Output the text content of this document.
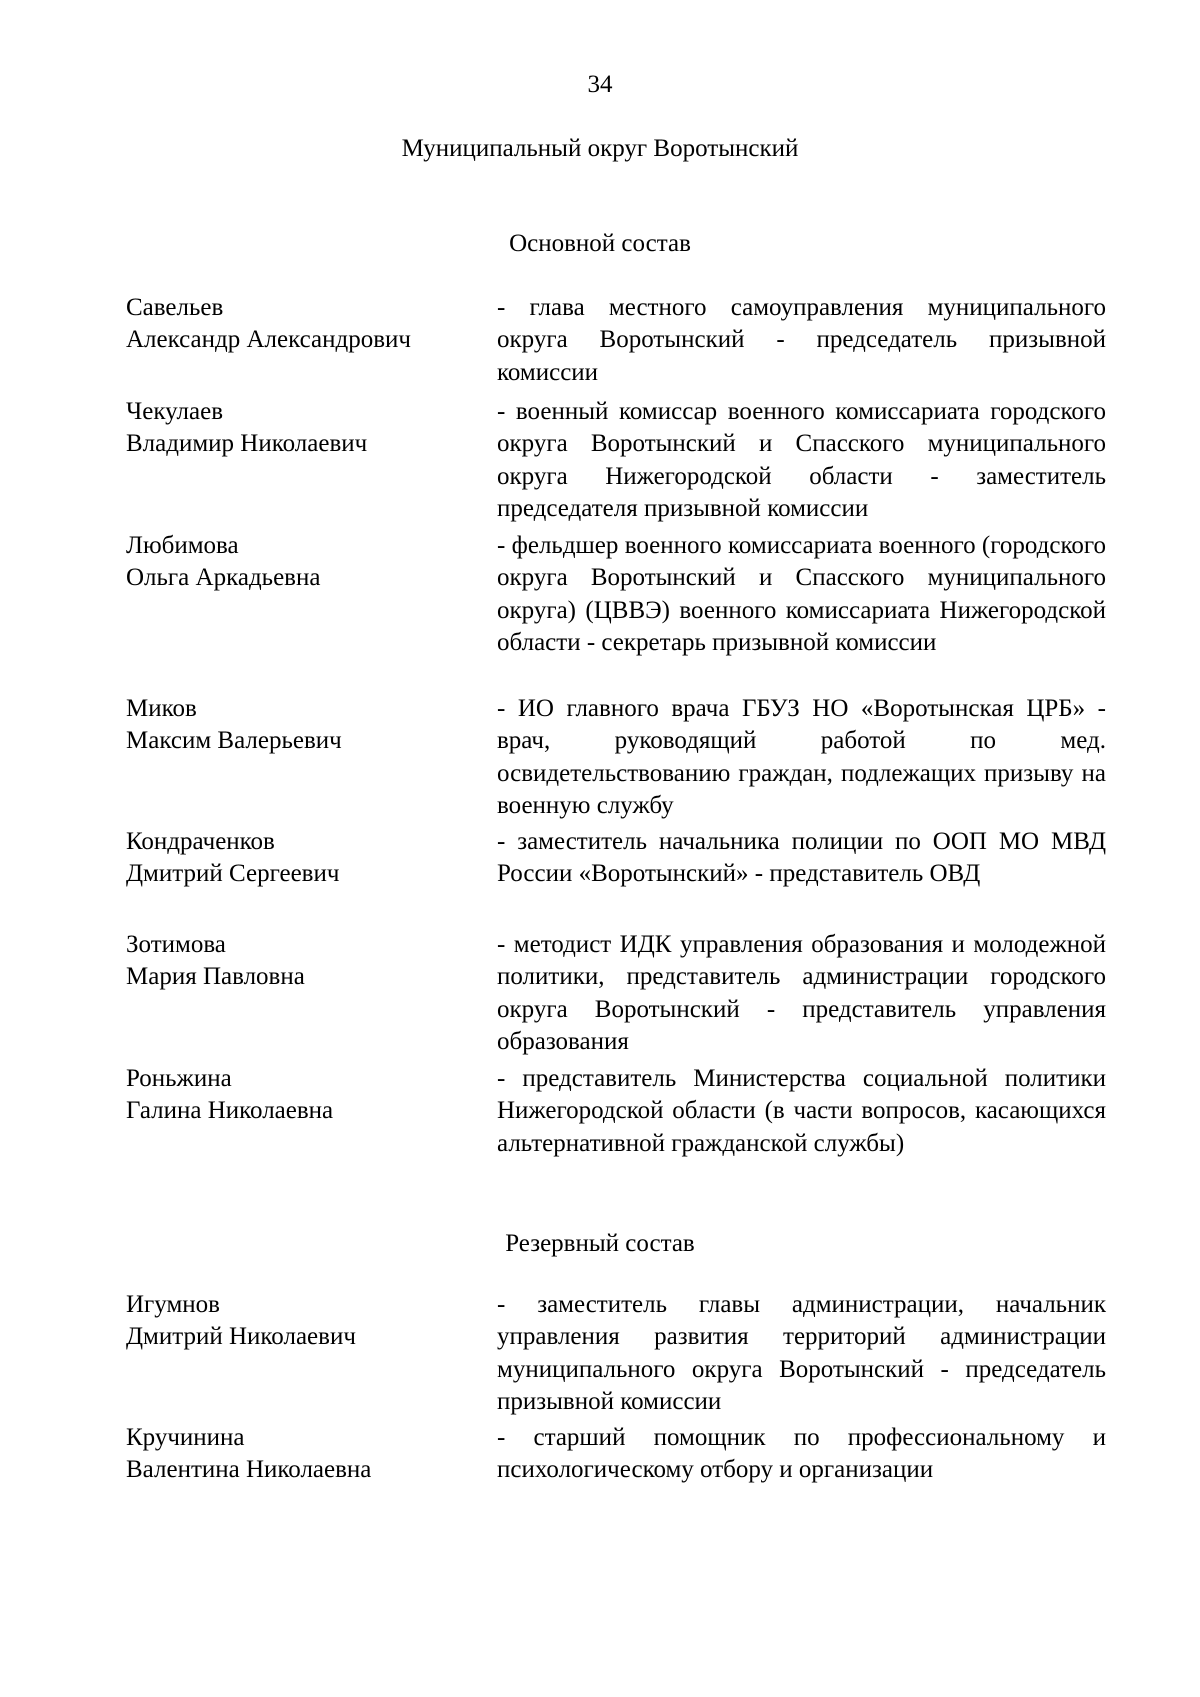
34
Муниципальный округ Воротынский
Основной состав
Савельев
Александр Александрович
- глава местного самоуправления муниципального округа Воротынский - председатель призывной комиссии
Чекулаев
Владимир Николаевич
- военный комиссар военного комиссариата городского округа Воротынский и Спасского муниципального округа Нижегородской области - заместитель председателя призывной комиссии
Любимова
Ольга Аркадьевна
- фельдшер военного комиссариата военного (городского округа Воротынский и Спасского муниципального округа) (ЦВВЭ) военного комиссариата Нижегородской области - секретарь призывной комиссии
Миков
Максим Валерьевич
- ИО главного врача ГБУЗ НО «Воротынская ЦРБ» - врач, руководящий работой по мед. освидетельствованию граждан, подлежащих призыву на военную службу
Кондраченков
Дмитрий Сергеевич
- заместитель начальника полиции по ООП МО МВД России «Воротынский» - представитель ОВД
Зотимова
Мария Павловна
- методист ИДК управления образования и молодежной политики, представитель администрации городского округа Воротынский - представитель управления образования
Роньжина
Галина Николаевна
- представитель Министерства социальной политики Нижегородской области (в части вопросов, касающихся альтернативной гражданской службы)
Резервный состав
Игумнов
Дмитрий Николаевич
- заместитель главы администрации, начальник управления развития территорий администрации муниципального округа Воротынский - председатель призывной комиссии
Кручинина
Валентина Николаевна
- старший помощник по профессиональному и психологическому отбору и организации
